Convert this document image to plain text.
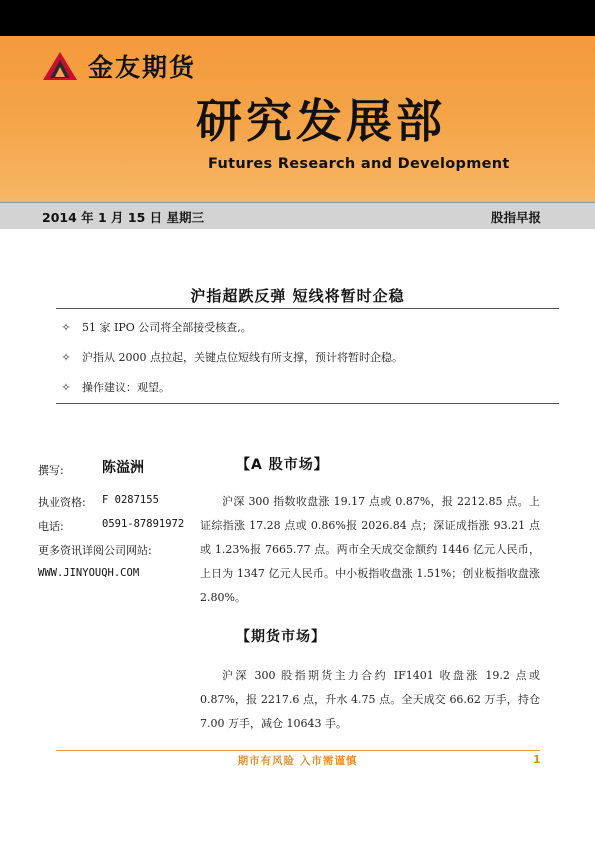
金友期货
研究发展部
Futures Research and Development
2014 年 1 月 15 日 星期三	股指早报
沪指超跌反弹 短线将暂时企稳
✧ 51 家 IPO 公司将全部接受核查,。
✧ 沪指从 2000 点拉起，关键点位短线有所支撑，预计将暂时企稳。
✧ 操作建议：观望。
撰写:	陈溢洲
执业资格: F 0287155
电话:	0591-87891972
更多资讯详阅公司网站:
WWW.JINYOUQH.COM
【A 股市场】
沪深 300 指数收盘涨 19.17 点或 0.87%，报 2212.85 点。上证综指涨 17.28 点或 0.86%报 2026.84 点；深证成指涨 93.21 点或 1.23%报 7665.77 点。两市全天成交金额约 1446 亿元人民币，上日为 1347 亿元人民币。中小板指收盘涨 1.51%；创业板指收盘涨 2.80%。
【期货市场】
沪深 300 股指期货主力合约 IF1401 收盘涨 19.2 点或 0.87%，报 2217.6 点，升水 4.75 点。全天成交 66.62 万手，持仓 7.00 万手，减仓 10643 手。
期市有风险 入市需谨慎	1
